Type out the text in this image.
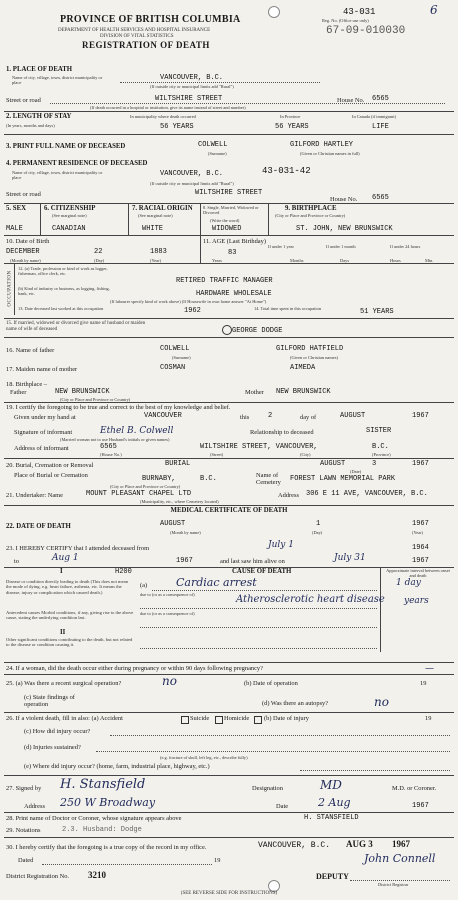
PROVINCE OF BRITISH COLUMBIA
DEPARTMENT OF HEALTH SERVICES AND HOSPITAL INSURANCE
DIVISION OF VITAL STATISTICS
REGISTRATION OF DEATH
43-031
Reg. No. (Office use only)
67-09-010030
6
1. PLACE OF DEATH
Name of city, village, town, district municipality or place
VANCOUVER, B.C.
(If outside city or municipal limits add "Rural")
Street or road	WILTSHIRE STREET	House No. 6565
(If death occurred in a hospital or institution, give its name instead of street and number)
2. LENGTH OF STAY
(In years, months and days)
In municipality where death occurred
56 YEARS
In Province
56 YEARS
In Canada (if immigrant)
LIFE
3. PRINT FULL NAME OF DECEASED	COLWELL	GILFORD HARTLEY
(Surname)	(Given or Christian names in full)
4. PERMANENT RESIDENCE OF DECEASED
Name of city, village, town, district municipality or place	VANCOUVER, B.C.	43-031-42
(If outside city or municipal limits add "Rural")
Street or road	WILTSHIRE STREET
House No. 6565
5. SEX
MALE
6. CITIZENSHIP
(See marginal note)
CANADIAN
7. RACIAL ORIGIN
(See marginal note)
WHITE
8. Single, Married, Widowed or Divorced
(Write the word)
WIDOWED
9. BIRTHPLACE
(City or Place and Province or Country)
ST. JOHN, NEW BRUNSWICK
10. Date of Birth
DECEMBER	22	1883
(Month by name)	(Day)	(Year)
11. AGE (Last Birthday)
83
If under 1 year	If under 1 month	If under 24 hours
Years	Months	Days	Hours	Min.
OCCUPATION
12. (a) Trade, profession or kind of work as logger, fisherman, office clerk, etc.
RETIRED TRAFFIC MANAGER
(b) Kind of industry or business, as logging, fishing, bank, etc.	HARDWARE WHOLESALE
(If labourer specify kind of work above) (If Housewife in own home answer "At Home")
13. Date deceased last worked at this occupation	1962	14. Total time spent in this occupation	51 YEARS
15. If married, widowed or divorced give name of husband or maiden name of wife of deceased	GEORGE DODGE
16. Name of father	COLWELL	GILFORD HATFIELD
(Surname)	(Given or Christian names)
17. Maiden name of mother	COSMAN	AIMEDA
18. Birthplace –
Father	NEW BRUNSWICK	Mother NEW BRUNSWICK
(City or Place and Province or Country)
19. I certify the foregoing to be true and correct to the best of my knowledge and belief.
Given under my hand at	VANCOUVER	this	2	day of	AUGUST	1967
Signature of informant	Ethel B. Colwell	Relationship to deceased	SISTER
(Married woman not to use Husband's initials or given names)
Address of informant	6565	WILTSHIRE STREET, VANCOUVER,	B.C.
(House No.)	(Street)	(City)	(Province)
20. Burial, Cremation or Removal	BURIAL	AUGUST	3	1967
(Date)
Place of Burial or Cremation	BURNABY,	B.C.	Name of Cemetery	FOREST LAWN MEMORIAL PARK
(City or Place and Province or Country)
21. Undertaker: Name	MOUNT PLEASANT CHAPEL LTD	Address 306 E 11 AVE, VANCOUVER, B.C.
(Municipality, etc., where Cemetery located)
MEDICAL CERTIFICATE OF DEATH
22. DATE OF DEATH	AUGUST	1	1967
(Month by name)	(Day)	(Year)
23. I HEREBY CERTIFY that I attended deceased from	July 1	1964
to	Aug 1	1967	and last saw him alive on	July 31	1967
I	H200	CAUSE OF DEATH	Approximate interval between onset and death
Disease or condition directly leading to death (This does not mean the mode of dying, e.g. heart failure, asthenia, etc. It means the disease, injury or complication which caused death.)
(a)	Cardiac arrest	1 day
due to (or as a consequence of)	Atherosclerotic heart disease years
Antecedent causes Morbid conditions, if any, giving rise to the above cause, stating the underlying condition last.
due to (or as a consequence of)
II
Other significant conditions contributing to the death, but not related to the disease or condition causing it.
24. If a woman, did the death occur either during pregnancy or within 90 days following pregnancy?	—
25. (a) Was there a recent surgical operation?	no	(b) Date of operation	19
(c) State findings of operation	(d) Was there an autopsy?	no
26. If a violent death, fill in also: (a) Accident	Suicide Homicide (b) Date of injury	19
(c) How did injury occur?
(d) Injuries sustained?
(e.g. fracture of skull, left leg, etc., describe fully)
(e) Where did injury occur? (home, farm, industrial place, highway, etc.)
27. Signed by H. Stansfield	Designation	MD	M.D. or Coroner.
Address 250 W Broadway	Date	2 Aug	1967
28. Print name of Doctor or Coroner, whose signature appears above	H. STANSFIELD
29. Notations	2.3. Husband: Dodge
30. I hereby certify that the foregoing is a true copy of the record in my office.	VANCOUVER, B.C. AUG 3 1967
Dated	19	John Connell
District Registration No. 3210	DEPUTY
District Registrar
(SEE REVERSE SIDE FOR INSTRUCTIONS)
